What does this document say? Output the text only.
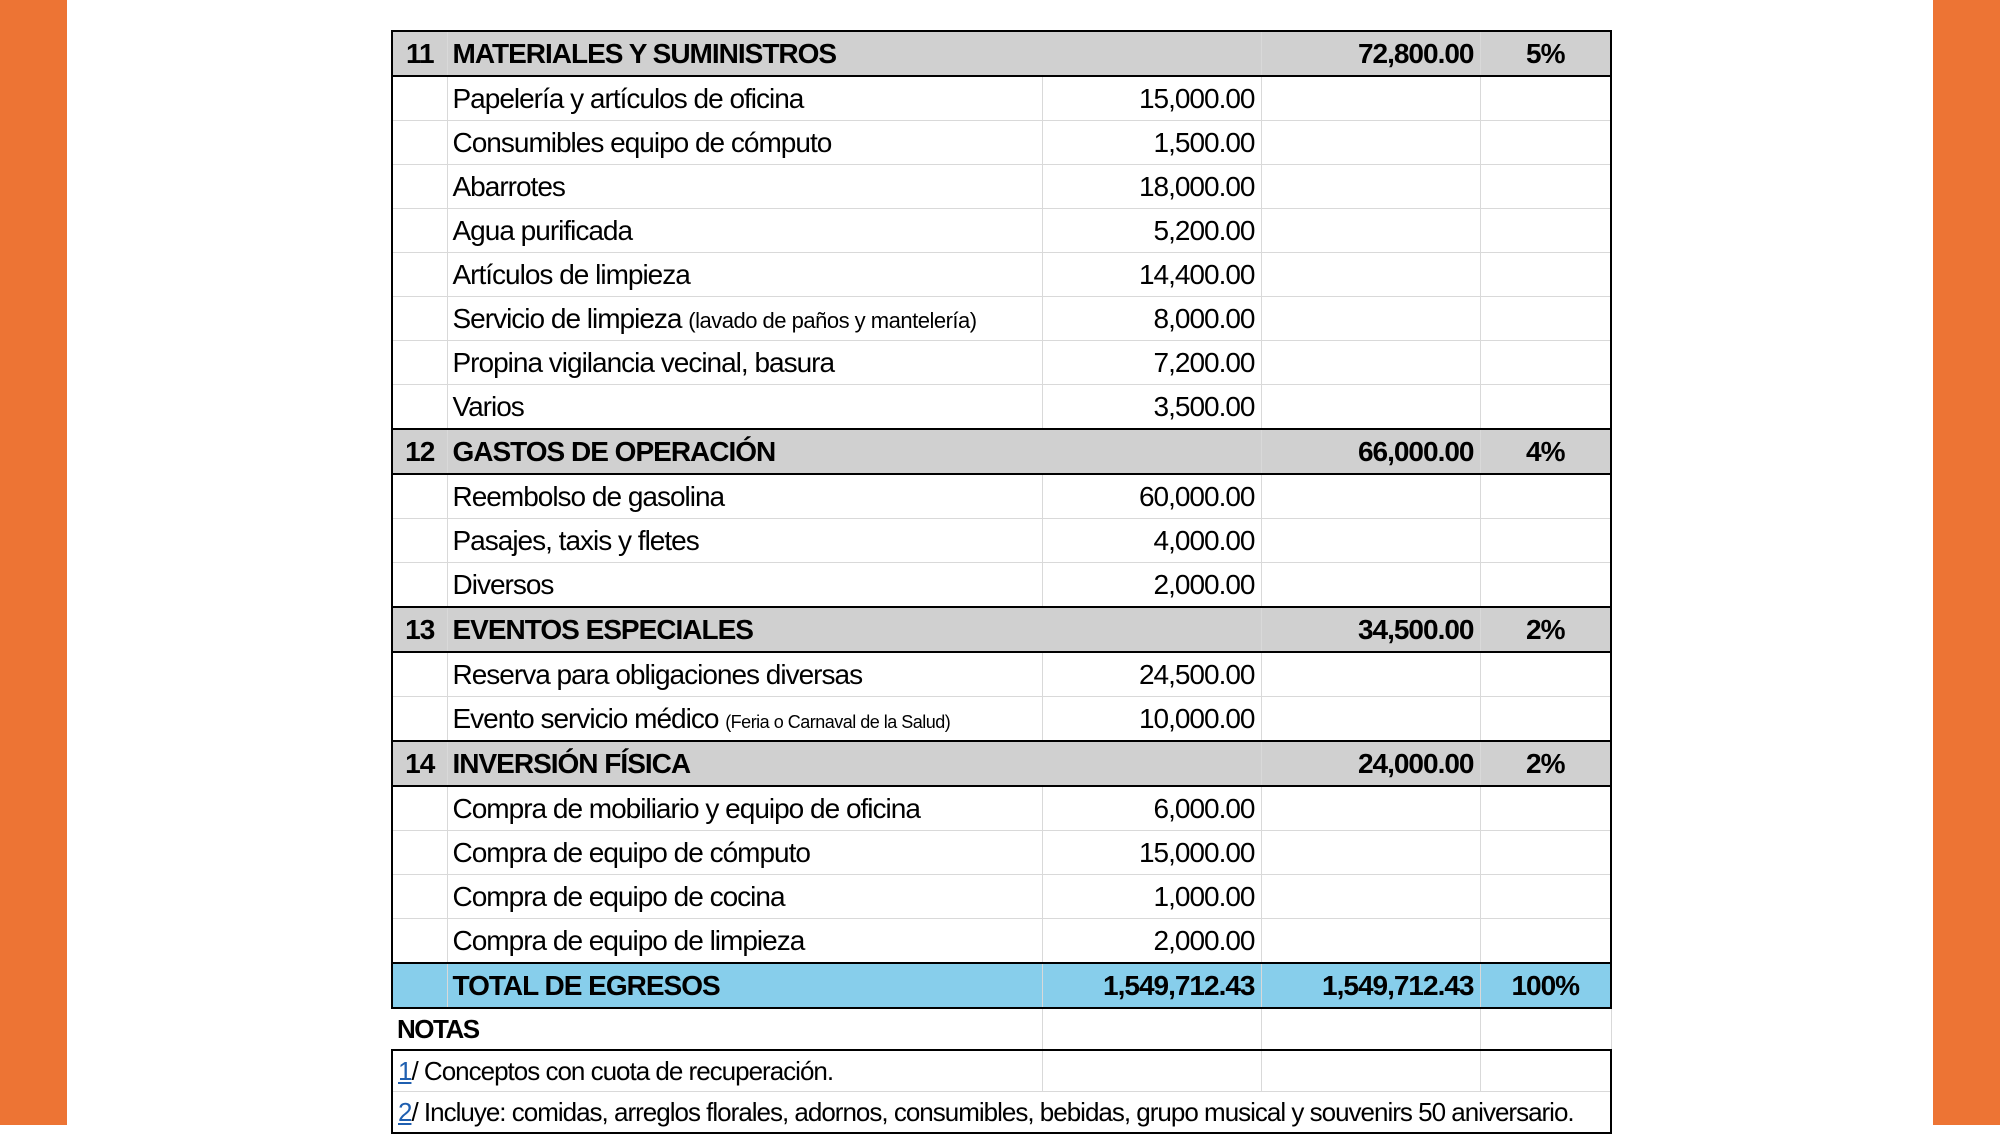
11	MATERIALES Y SUMINISTROS		72,800.00	5%
	Papelería y artículos de oficina	15,000.00		
	Consumibles equipo de cómputo	1,500.00		
	Abarrotes	18,000.00		
	Agua purificada	5,200.00		
	Artículos de limpieza	14,400.00		
	Servicio de limpieza (lavado de paños y mantelería)	8,000.00		
	Propina vigilancia vecinal, basura	7,200.00		
	Varios	3,500.00		
12	GASTOS DE OPERACIÓN		66,000.00	4%
	Reembolso de gasolina	60,000.00		
	Pasajes, taxis y fletes	4,000.00		
	Diversos	2,000.00		
13	EVENTOS ESPECIALES		34,500.00	2%
	Reserva para obligaciones diversas	24,500.00		
	Evento servicio médico (Feria o Carnaval de la Salud)	10,000.00		
14	INVERSIÓN FÍSICA		24,000.00	2%
	Compra de mobiliario y equipo de oficina	6,000.00		
	Compra de equipo de cómputo	15,000.00		
	Compra de equipo de cocina	1,000.00		
	Compra de equipo de limpieza	2,000.00		
	TOTAL DE EGRESOS	1,549,712.43	1,549,712.43	100%
NOTAS				
1/ Conceptos con cuota de recuperación.				
2/ Incluye: comidas, arreglos florales, adornos, consumibles, bebidas, grupo musical y souvenirs 50 aniversario.				
